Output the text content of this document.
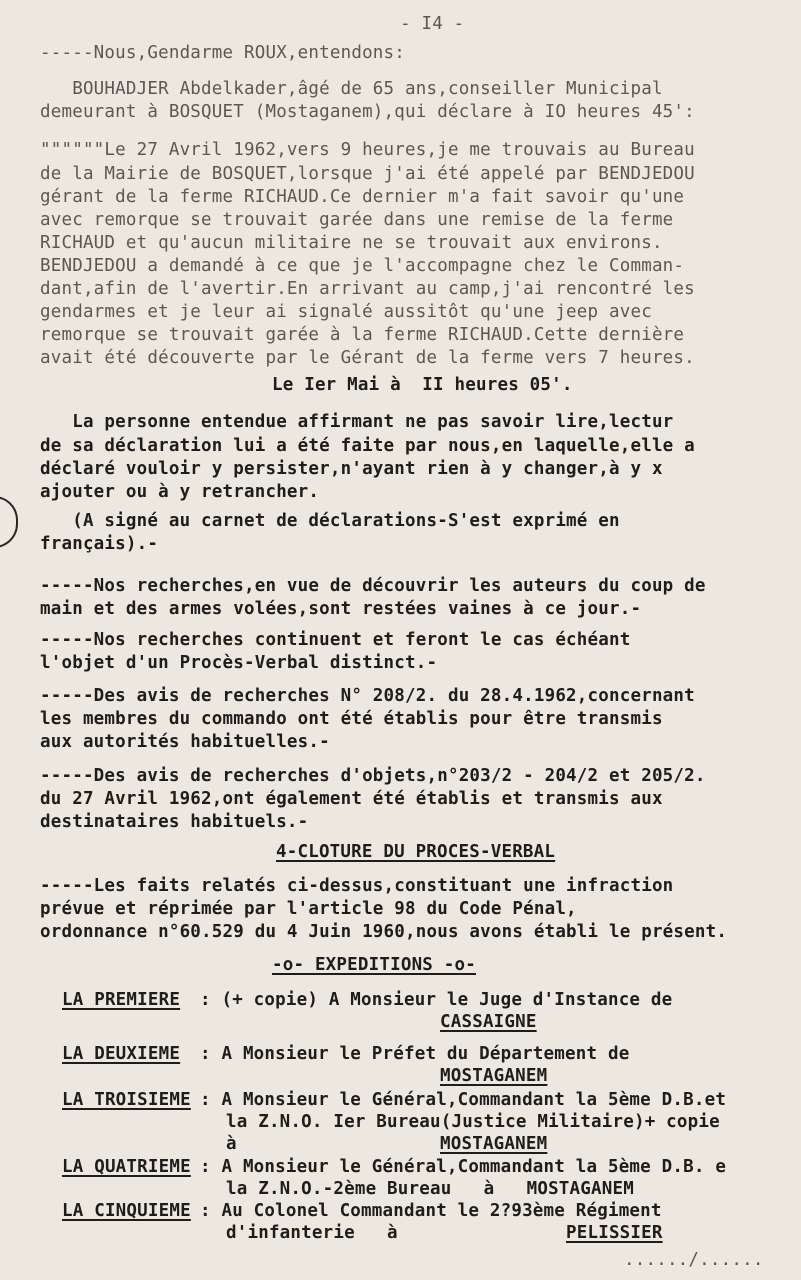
- I4 -
-----Nous,Gendarme ROUX,entendons:
BOUHADJER Abdelkader,âgé de 65 ans,conseiller Municipal
demeurant à BOSQUET (Mostaganem),qui déclare à IO heures 45':
""""""Le 27 Avril 1962,vers 9 heures,je me trouvais au Bureau
de la Mairie de BOSQUET,lorsque j'ai été appelé par BENDJEDOU
gérant de la ferme RICHAUD.Ce dernier m'a fait savoir qu'une
avec remorque se trouvait garée dans une remise de la ferme
RICHAUD et qu'aucun militaire ne se trouvait aux environs.
BENDJEDOU a demandé à ce que je l'accompagne chez le Comman-
dant,afin de l'avertir.En arrivant au camp,j'ai rencontré les
gendarmes et je leur ai signalé aussitôt qu'une jeep avec
remorque se trouvait garée à la ferme RICHAUD.Cette dernière
avait été découverte par le Gérant de la ferme vers 7 heures.
Le Ier Mai à  II heures 05'.
La personne entendue affirmant ne pas savoir lire,lectur
de sa déclaration lui a été faite par nous,en laquelle,elle a
déclaré vouloir y persister,n'ayant rien à y changer,à y x
ajouter ou à y retrancher.
(A signé au carnet de déclarations-S'est exprimé en
français).-
-----Nos recherches,en vue de découvrir les auteurs du coup de
main et des armes volées,sont restées vaines à ce jour.-
-----Nos recherches continuent et feront le cas échéant
l'objet d'un Procès-Verbal distinct.-
-----Des avis de recherches N° 208/2. du 28.4.1962,concernant
les membres du commando ont été établis pour être transmis
aux autorités habituelles.-
-----Des avis de recherches d'objets,n°203/2 - 204/2 et 205/2.
du 27 Avril 1962,ont également été établis et transmis aux
destinataires habituels.-
4-CLOTURE DU PROCES-VERBAL
-----Les faits relatés ci-dessus,constituant une infraction
prévue et réprimée par l'article 98 du Code Pénal,
ordonnance n°60.529 du 4 Juin 1960,nous avons établi le présent.
-o- EXPEDITIONS -o-
LA PREMIERE : (+ copie) A Monsieur le Juge d'Instance de
CASSAIGNE
LA DEUXIEME : A Monsieur le Préfet du Département de
MOSTAGANEM
LA TROISIEME : A Monsieur le Général,Commandant la 5ème D.B.et
la Z.N.O. Ier Bureau(Justice Militaire)+ copie
à	MOSTAGANEM
LA QUATRIEME : A Monsieur le Général,Commandant la 5ème D.B. e
la Z.N.O.-2ème Bureau   à   MOSTAGANEM
LA CINQUIEME : Au Colonel Commandant le 2?93ème Régiment
d'infanterie   à	PELISSIER
....../......
